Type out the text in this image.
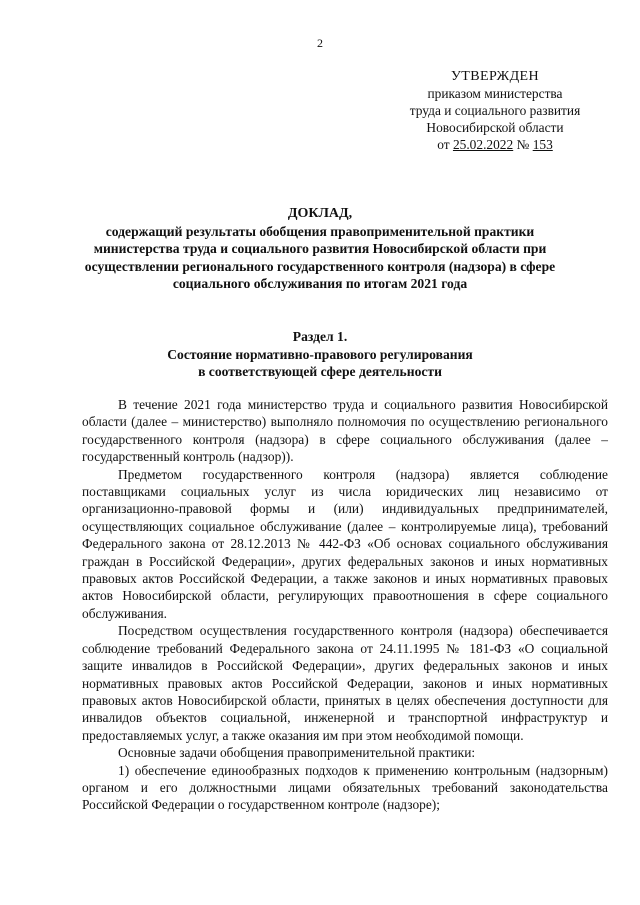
2
УТВЕРЖДЕН
приказом министерства
труда и социального развития
Новосибирской области
от 25.02.2022 № 153
ДОКЛАД,
содержащий результаты обобщения правоприменительной практики
министерства труда и социального развития Новосибирской области при
осуществлении регионального государственного контроля (надзора) в сфере
социального обслуживания по итогам 2021 года
Раздел 1.
Состояние нормативно-правового регулирования
в соответствующей сфере деятельности

В течение 2021 года министерство труда и социального развития Новосибирской области (далее – министерство) выполняло полномочия по осуществлению регионального государственного контроля (надзора) в сфере социального обслуживания (далее – государственный контроль (надзор)).

Предметом государственного контроля (надзора) является соблюдение поставщиками социальных услуг из числа юридических лиц независимо от организационно-правовой формы и (или) индивидуальных предпринимателей, осуществляющих социальное обслуживание (далее – контролируемые лица), требований Федерального закона от 28.12.2013 № 442-ФЗ «Об основах социального обслуживания граждан в Российской Федерации», других федеральных законов и иных нормативных правовых актов Российской Федерации, а также законов и иных нормативных правовых актов Новосибирской области, регулирующих правоотношения в сфере социального обслуживания.

Посредством осуществления государственного контроля (надзора) обеспечивается соблюдение требований Федерального закона от 24.11.1995 № 181-ФЗ «О социальной защите инвалидов в Российской Федерации», других федеральных законов и иных нормативных правовых актов Российской Федерации, законов и иных нормативных правовых актов Новосибирской области, принятых в целях обеспечения доступности для инвалидов объектов социальной, инженерной и транспортной инфраструктур и предоставляемых услуг, а также оказания им при этом необходимой помощи.

Основные задачи обобщения правоприменительной практики:

1) обеспечение единообразных подходов к применению контрольным (надзорным) органом и его должностными лицами обязательных требований законодательства Российской Федерации о государственном контроле (надзоре);
